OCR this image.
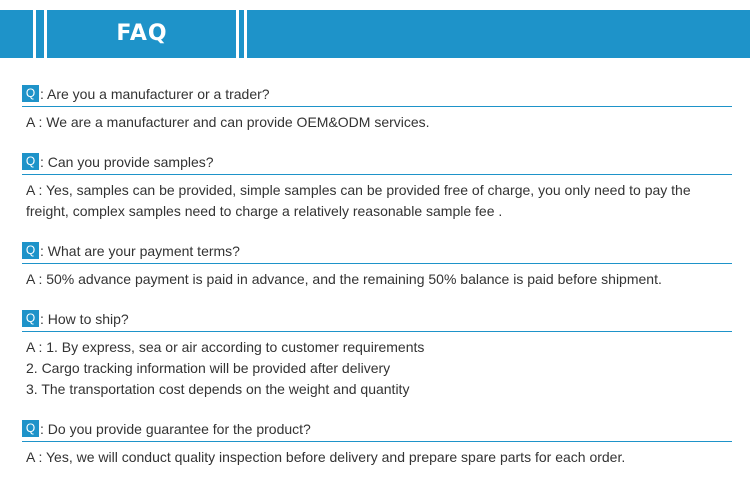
FAQ
Q : Are you a manufacturer or a trader?
A : We are a manufacturer and can provide OEM&ODM services.
Q : Can you provide samples?
A : Yes, samples can be provided, simple samples can be provided free of charge, you only need to pay the
freight, complex samples need to charge a relatively reasonable sample fee .
Q : What are your payment terms?
A : 50% advance payment is paid in advance, and the remaining 50% balance is paid before shipment.
Q : How to ship?
A : 1. By express, sea or air according to customer requirements
2. Cargo tracking information will be provided after delivery
3. The transportation cost depends on the weight and quantity
Q : Do you provide guarantee for the product?
A : Yes, we will conduct quality inspection before delivery and prepare spare parts for each order.
